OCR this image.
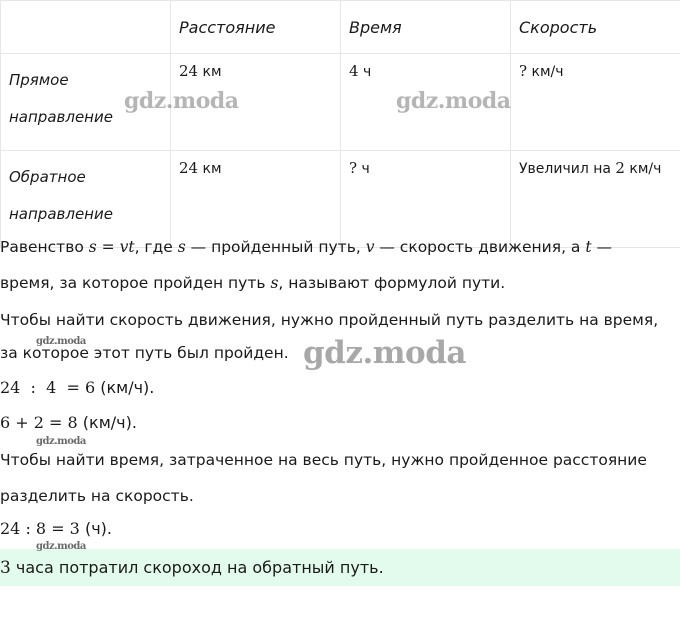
	Расстояние	Время	Скорость
Прямое
направление	24 км	4 ч	? км/ч
Обратное
направление	24 км	? ч	Увеличил на 2 км/ч
Равенство s = vt, где s — пройденный путь, v — скорость движения, а t —
время, за которое пройден путь s, называют формулой пути.
Чтобы найти скорость движения, нужно пройденный путь разделить на время,
за которое этот путь был пройден.
24  :  4  = 6 (км/ч).
6 + 2 = 8 (км/ч).
Чтобы найти время, затраченное на весь путь, нужно пройденное расстояние
разделить на скорость.
24 : 8 = 3 (ч).
3 часа потратил скороход на обратный путь.
gdz.moda	gdz.moda
gdz.moda
gdz.moda
gdz.moda
gdz.moda
